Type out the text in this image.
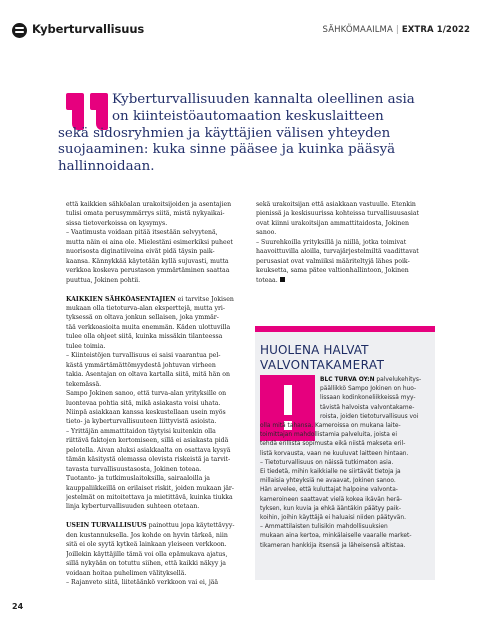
Kyberturvallisuus	SÄHKÖMAAILMA | EXTRA 1/2022
Kyberturvallisuuden kannalta oleellinen asia
on kiinteistöautomaation keskuslaitteen
sekä sidosryhmien ja käyttäjien välisen yhteyden
suojaaminen: kuka sinne pääsee ja kuinka pääsyä
hallinnoidaan.
että kaikkien sähköalan urakoitsijoiden ja asentajien
tulisi omata perusymmärrys siitä, mistä nykyaikai-
sissa tietoverkoissa on kysymys.
– Vaatimusta voidaan pitää itsestään selvyytenä,
mutta näin ei aina ole. Mielestäni esimerkiksi puheet
nuorisosta diginatiiveina eivät pidä täysin paik-
kaansa. Kännykkää käytetään kyllä sujuvasti, mutta
verkkoa koskeva perustason ymmärtäminen saattaa
puuttua, Jokinen pohtii.
KAIKKIEN SÄHKÖASENTAJIEN ei tarvitse Jokisen
mukaan olla tietoturva-alan eksperttejä, mutta yri-
tyksessä on oltava jonkun sellaisen, joka ymmär-
tää verkkoasioita muita enemmän. Käden ulottuvilla
tulee olla ohjeet siitä, kuinka missäkin tilanteessa
tulee toimia.
– Kiinteistöjen turvallisuus ei saisi vaarantua pel-
kästä ymmärtämättömyydestä johtuvan virheen
takia. Asentajan on oltava kartalla siitä, mitä hän on
tekemässä.
Sampo Jokinen sanoo, että turva-alan yrityksille on
luontevaa pohtia sitä, mikä asiakasta voisi uhata.
Niinpä asiakkaan kanssa keskustellaan usein myös
tieto- ja kyberturvallisuuteen liittyvistä asioista.
– Yrittäjän ammattitaidon täytyisi kuitenkin olla
riittävä faktojen kertomiseen, sillä ei asiakasta pidä
pelotella. Aivan aluksi asiakkaalta on osattava kysyä
tämän käsitystä olemassa olevista riskeistä ja tarvit-
tavasta turvallisuustasosta, Jokinen toteaa.
Tuotanto- ja tutkimuslaitoksilla, sairaaloilla ja
kauppaliikkeillä on erilaiset riskit, joiden mukaan jär-
jestelmät on mitoitettava ja mietittävä, kuinka tiukka
linja kyberturvallisuuden suhteen otetaan.
USEIN TURVALLISUUS painottuu jopa käytettävyy-
den kustannuksella. Jos kohde on hyvin tärkeä, niin
sitä ei ole syytä kytkeä lainkaan yleiseen verkkoon.
Joillekin käyttäjille tämä voi olla epämukava ajatus,
sillä nykyään on totuttu siihen, että kaikki näkyy ja
voidaan hoitaa puhelimen välityksellä.
– Rajanveto siitä, liitetäänkö verkkoon vai ei, jää
sekä urakoitsijan että asiakkaan vastuulle. Etenkin
pienissä ja keskisuurissa kohteissa turvallisuusasiat
ovat kiinni urakoitsijan ammattitaidosta, Jokinen
sanoo.
– Suurehkoilla yrityksillä ja niillä, jotka toimivat
haavoittuvilla aloilla, turvajärjestelmiltä vaadittavat
perusasiat ovat valmiiksi määriteltyjä lähes poik-
keuksetta, sama pätee valtionhallintoon, Jokinen
toteaa.
HUOLENA HALVAT
VALVONTAKAMERAT
BLC TURVA OY:N palvelukehitys-
päällikkö Sampo Jokinen on huo-
lissaan kodinkoneliikkeissä myy-
tävistä halvoista valvontakame-
roista, joiden tietoturvallisuus voi
olla mitä tahansa. Kameroissa on mukana laite-
toimittajan mahdollistamia palveluita, joista ei
tehdä erillistä sopimusta eikä niistä makseta eril-
listä korvausta, vaan ne kuuluvat laitteen hintaan.
– Tietoturvallisuus on näissä tutkimaton asia.
Ei tiedetä, mihin kaikkialle ne siirtävät tietoja ja
millaisia yhteyksiä ne avaavat, Jokinen sanoo.
Hän arvelee, että kuluttajat halpoine valvonta-
kameroineen saattavat vielä kokea ikävän herä-
tyksen, kun kuvia ja ehkä ääntäkin päätyy paik-
koihin, joihin käyttäjä ei haluaisi niiden päätyvän.
– Ammattilaisten tulisikin mahdollisuuksien
mukaan aina kertoa, minkälaiselle vaaralle market-
tikameran hankkija itsensä ja läheisensä altistaa.
24
